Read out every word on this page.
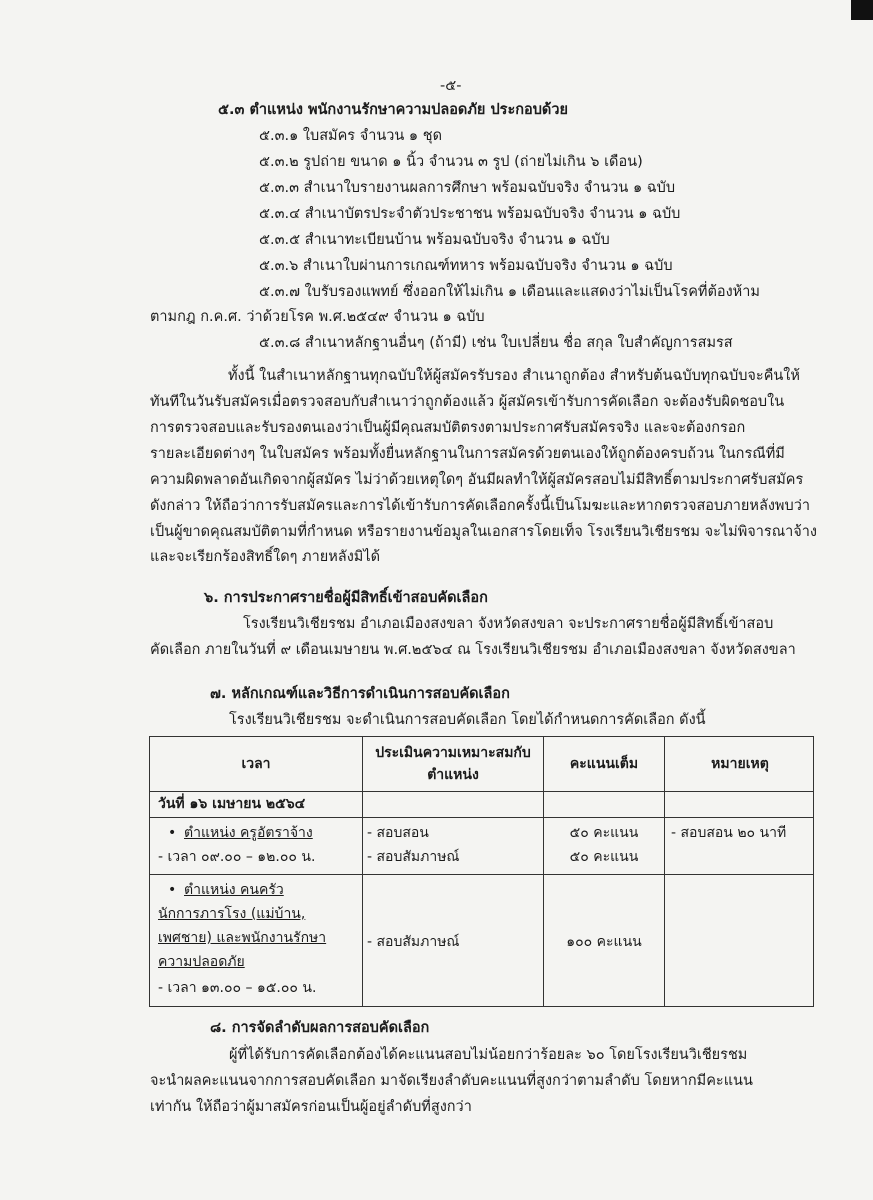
-๕-
๕.๓ ตำแหน่ง พนักงานรักษาความปลอดภัย ประกอบด้วย
๕.๓.๑ ใบสมัคร จำนวน ๑ ชุด
๕.๓.๒ รูปถ่าย ขนาด ๑ นิ้ว จำนวน ๓ รูป (ถ่ายไม่เกิน ๖ เดือน)
๕.๓.๓ สำเนาใบรายงานผลการศึกษา พร้อมฉบับจริง จำนวน ๑ ฉบับ
๕.๓.๔ สำเนาบัตรประจำตัวประชาชน พร้อมฉบับจริง จำนวน ๑ ฉบับ
๕.๓.๕ สำเนาทะเบียนบ้าน พร้อมฉบับจริง จำนวน ๑ ฉบับ
๕.๓.๖ สำเนาใบผ่านการเกณฑ์ทหาร พร้อมฉบับจริง จำนวน ๑ ฉบับ
๕.๓.๗ ใบรับรองแพทย์ ซึ่งออกให้ไม่เกิน ๑ เดือนและแสดงว่าไม่เป็นโรคที่ต้องห้าม
ตามกฎ ก.ค.ศ. ว่าด้วยโรค พ.ศ.๒๕๔๙ จำนวน ๑ ฉบับ
๕.๓.๘ สำเนาหลักฐานอื่นๆ (ถ้ามี) เช่น ใบเปลี่ยน ชื่อ สกุล ใบสำคัญการสมรส
ทั้งนี้ ในสำเนาหลักฐานทุกฉบับให้ผู้สมัครรับรอง สำเนาถูกต้อง สำหรับต้นฉบับทุกฉบับจะคืนให้
ทันทีในวันรับสมัครเมื่อตรวจสอบกับสำเนาว่าถูกต้องแล้ว ผู้สมัครเข้ารับการคัดเลือก จะต้องรับผิดชอบใน
การตรวจสอบและรับรองตนเองว่าเป็นผู้มีคุณสมบัติตรงตามประกาศรับสมัครจริง และจะต้องกรอก
รายละเอียดต่างๆ ในใบสมัคร พร้อมทั้งยื่นหลักฐานในการสมัครด้วยตนเองให้ถูกต้องครบถ้วน ในกรณีที่มี
ความผิดพลาดอันเกิดจากผู้สมัคร ไม่ว่าด้วยเหตุใดๆ อันมีผลทำให้ผู้สมัครสอบไม่มีสิทธิ์ตามประกาศรับสมัคร
ดังกล่าว ให้ถือว่าการรับสมัครและการได้เข้ารับการคัดเลือกครั้งนี้เป็นโมฆะและหากตรวจสอบภายหลังพบว่า
เป็นผู้ขาดคุณสมบัติตามที่กำหนด หรือรายงานข้อมูลในเอกสารโดยเท็จ โรงเรียนวิเชียรชม จะไม่พิจารณาจ้าง
และจะเรียกร้องสิทธิ์ใดๆ ภายหลังมิได้
๖. การประกาศรายชื่อผู้มีสิทธิ์เข้าสอบคัดเลือก
โรงเรียนวิเชียรชม อำเภอเมืองสงขลา จังหวัดสงขลา จะประกาศรายชื่อผู้มีสิทธิ์เข้าสอบ
คัดเลือก ภายในวันที่ ๙ เดือนเมษายน พ.ศ.๒๕๖๔ ณ โรงเรียนวิเชียรชม อำเภอเมืองสงขลา จังหวัดสงขลา
๗. หลักเกณฑ์และวิธีการดำเนินการสอบคัดเลือก
โรงเรียนวิเชียรชม จะดำเนินการสอบคัดเลือก โดยได้กำหนดการคัดเลือก ดังนี้
เวลา
ประเมินความเหมาะสมกับ
ตำแหน่ง
คะแนนเต็ม	หมายเหตุ
วันที่ ๑๖ เมษายน ๒๕๖๔
• ตำแหน่ง ครูอัตราจ้าง
- เวลา ๐๙.๐๐ – ๑๒.๐๐ น.
- สอบสอน
- สอบสัมภาษณ์
๕๐ คะแนน
๕๐ คะแนน
- สอบสอน ๒๐ นาที
• ตำแหน่ง คนครัว
นักการภารโรง (แม่บ้าน,
เพศชาย) และพนักงานรักษา
ความปลอดภัย
- เวลา ๑๓.๐๐ – ๑๕.๐๐ น.
- สอบสัมภาษณ์	๑๐๐ คะแนน
๘. การจัดลำดับผลการสอบคัดเลือก
ผู้ที่ได้รับการคัดเลือกต้องได้คะแนนสอบไม่น้อยกว่าร้อยละ ๖๐ โดยโรงเรียนวิเชียรชม
จะนำผลคะแนนจากการสอบคัดเลือก มาจัดเรียงลำดับคะแนนที่สูงกว่าตามลำดับ โดยหากมีคะแนน
เท่ากัน ให้ถือว่าผู้มาสมัครก่อนเป็นผู้อยู่ลำดับที่สูงกว่า
